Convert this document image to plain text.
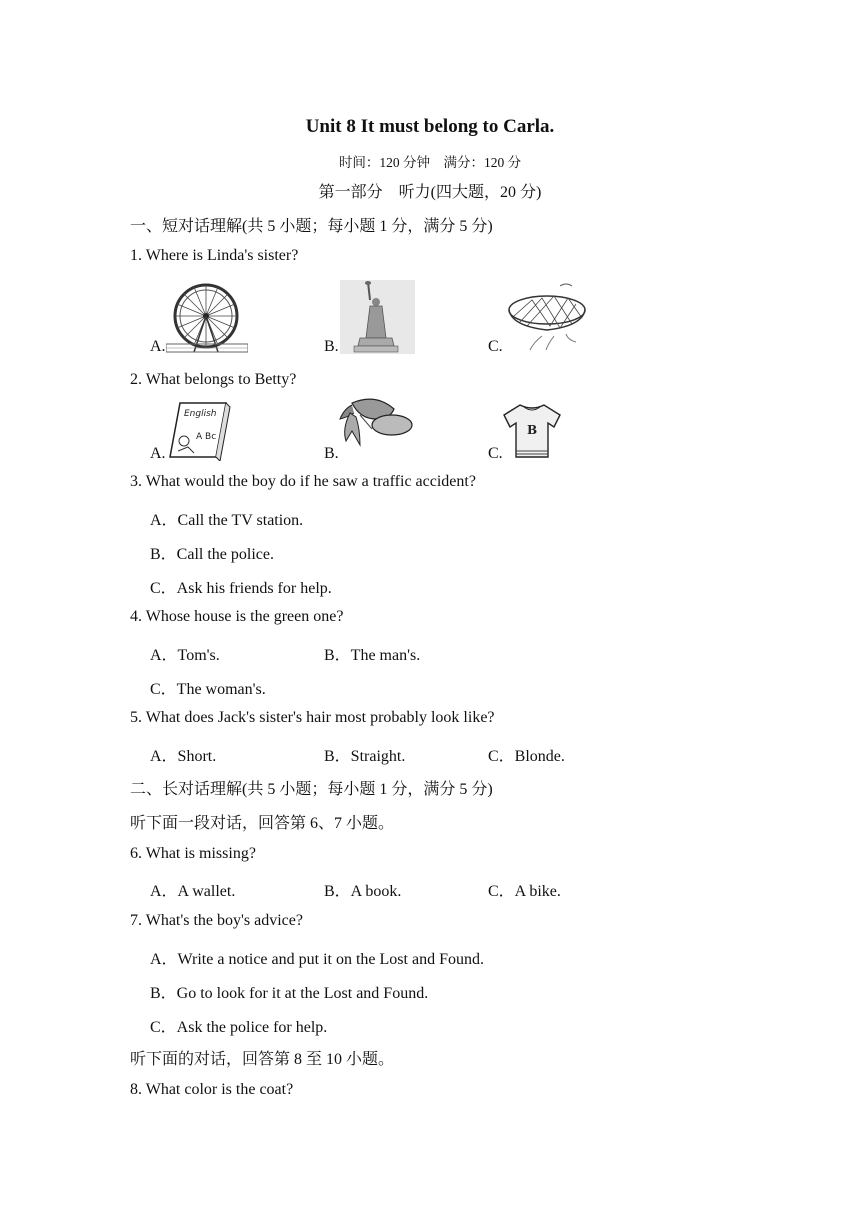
Unit 8 It must belong to Carla.
时间：120 分钟　满分：120 分
第一部分　听力(四大题，20 分)
一、短对话理解(共 5 小题；每小题 1 分，满分 5 分)
1. Where is Linda's sister?
A.	B.	C.
2. What belongs to Betty?
A.	B.	C.
English
A Bc	B
3. What would the boy do if he saw a traffic accident?
A．Call the TV station.
B．Call the police.
C．Ask his friends for help.
4. Whose house is the green one?
A．Tom's.	B．The man's.
C．The woman's.
5. What does Jack's sister's hair most probably look like?
A．Short.	B．Straight.	C．Blonde.
二、长对话理解(共 5 小题；每小题 1 分，满分 5 分)
听下面一段对话，回答第 6、7 小题。
6. What is missing?
A．A wallet.	B．A book.	C．A bike.
7. What's the boy's advice?
A．Write a notice and put it on the Lost and Found.
B．Go to look for it at the Lost and Found.
C．Ask the police for help.
听下面的对话，回答第 8 至 10 小题。
8. What color is the coat?
